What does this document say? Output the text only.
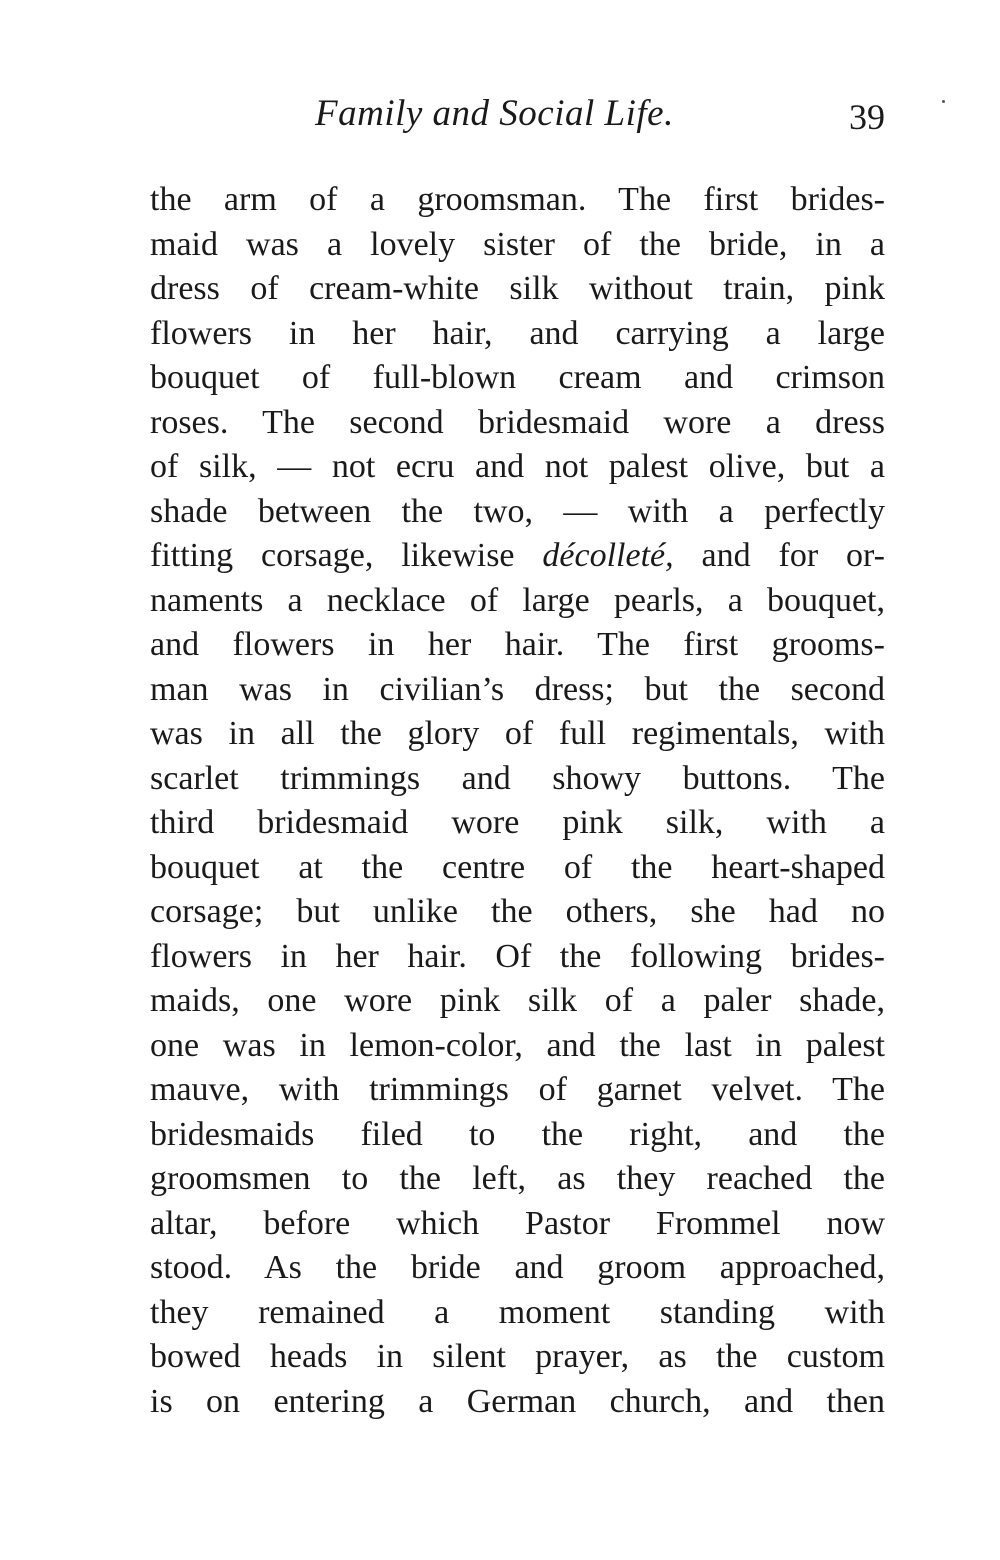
Family and Social Life.	39
the arm of a groomsman. The first brides-
maid was a lovely sister of the bride, in a
dress of cream-white silk without train, pink
flowers in her hair, and carrying a large
bouquet of full-blown cream and crimson
roses. The second bridesmaid wore a dress
of silk, — not ecru and not palest olive, but a
shade between the two, — with a perfectly
fitting corsage, likewise décolleté, and for or-
naments a necklace of large pearls, a bouquet,
and flowers in her hair. The first grooms-
man was in civilian’s dress; but the second
was in all the glory of full regimentals, with
scarlet trimmings and showy buttons. The
third bridesmaid wore pink silk, with a
bouquet at the centre of the heart-shaped
corsage; but unlike the others, she had no
flowers in her hair. Of the following brides-
maids, one wore pink silk of a paler shade,
one was in lemon-color, and the last in palest
mauve, with trimmings of garnet velvet. The
bridesmaids filed to the right, and the
groomsmen to the left, as they reached the
altar, before which Pastor Frommel now
stood. As the bride and groom approached,
they remained a moment standing with
bowed heads in silent prayer, as the custom
is on entering a German church, and then
